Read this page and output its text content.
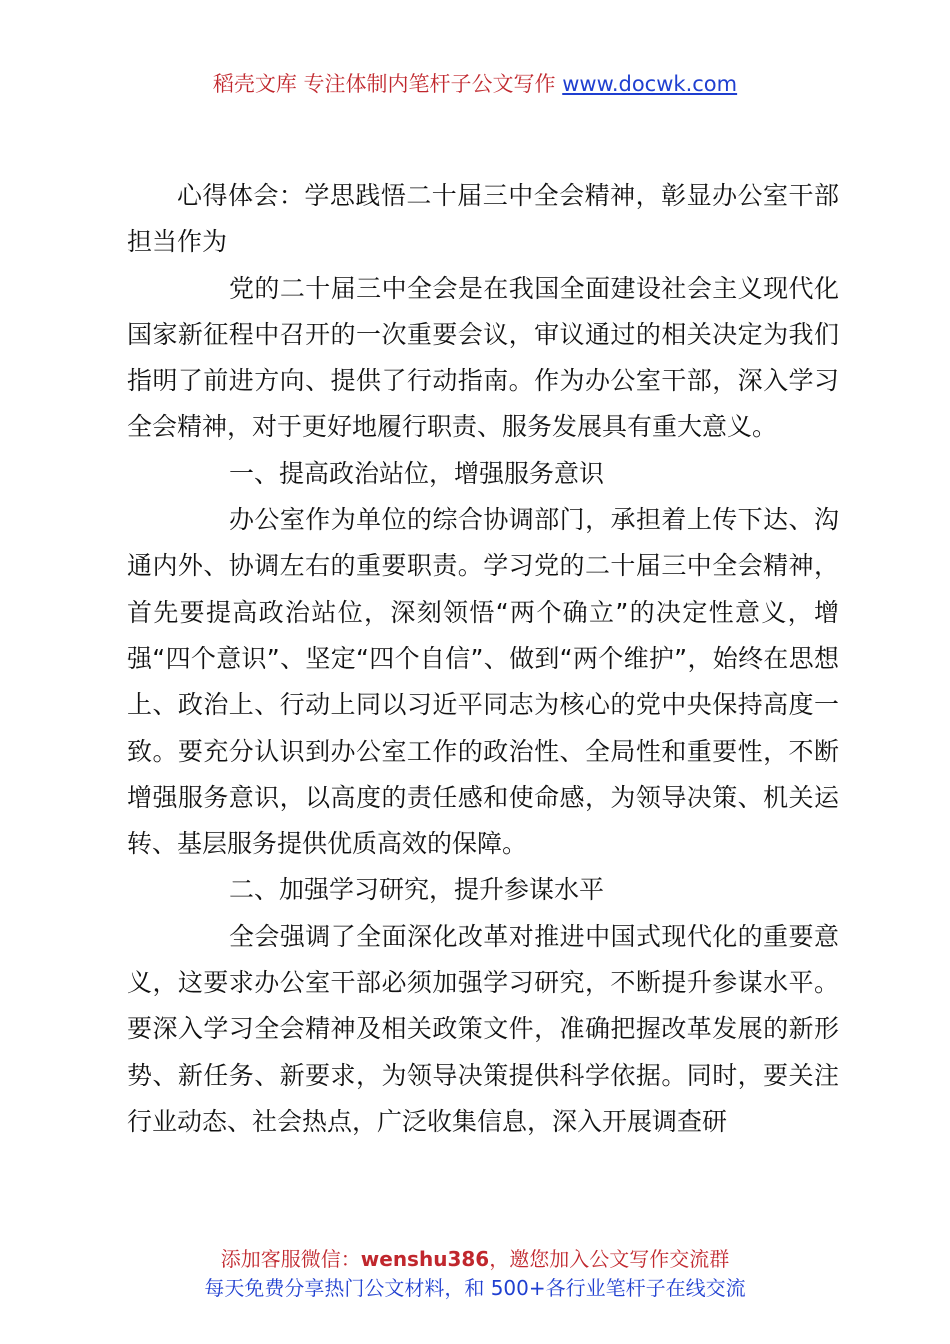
稻壳文库 专注体制内笔杆子公文写作 www.docwk.com

心得体会：学思践悟二十届三中全会精神，彰显办公室干部担当作为

党的二十届三中全会是在我国全面建设社会主义现代化国家新征程中召开的一次重要会议，审议通过的相关决定为我们指明了前进方向、提供了行动指南。作为办公室干部，深入学习全会精神，对于更好地履行职责、服务发展具有重大意义。

一、提高政治站位，增强服务意识

办公室作为单位的综合协调部门，承担着上传下达、沟通内外、协调左右的重要职责。学习党的二十届三中全会精神，首先要提高政治站位，深刻领悟“两个确立”的决定性意义，增强“四个意识”、坚定“四个自信”、做到“两个维护”，始终在思想上、政治上、行动上同以习近平同志为核心的党中央保持高度一致。要充分认识到办公室工作的政治性、全局性和重要性，不断增强服务意识，以高度的责任感和使命感，为领导决策、机关运转、基层服务提供优质高效的保障。

二、加强学习研究，提升参谋水平

全会强调了全面深化改革对推进中国式现代化的重要意义，这要求办公室干部必须加强学习研究，不断提升参谋水平。要深入学习全会精神及相关政策文件，准确把握改革发展的新形势、新任务、新要求，为领导决策提供科学依据。同时，要关注行业动态、社会热点，广泛收集信息，深入开展调查研

添加客服微信：wenshu386，邀您加入公文写作交流群
每天免费分享热门公文材料，和 500+各行业笔杆子在线交流
